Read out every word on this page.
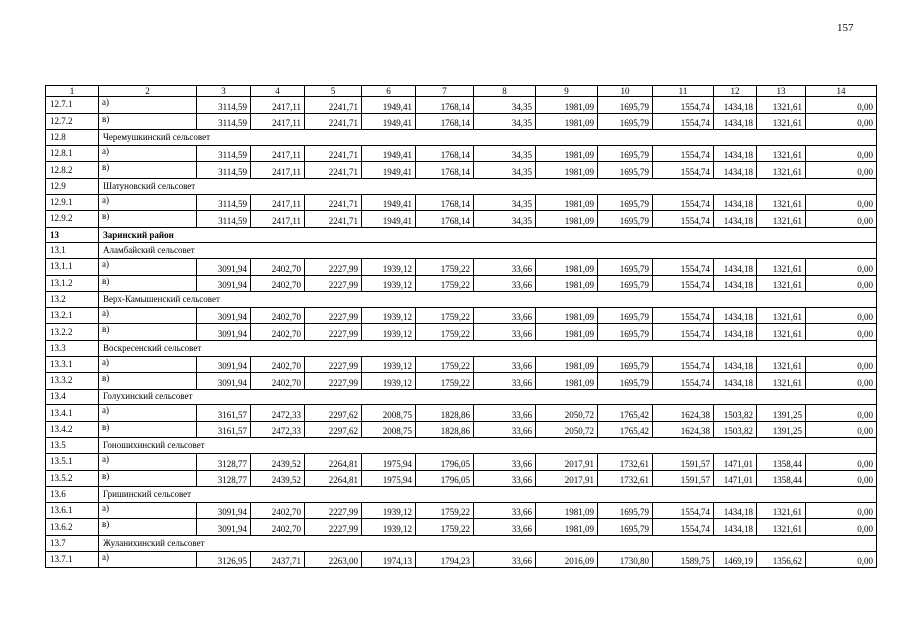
157
1	2	3	4	5	6	7	8	9	10	11	12	13	14
12.7.1	а)	3114,59	2417,11	2241,71	1949,41	1768,14	34,35	1981,09	1695,79	1554,74	1434,18	1321,61	0,00
12.7.2	в)	3114,59	2417,11	2241,71	1949,41	1768,14	34,35	1981,09	1695,79	1554,74	1434,18	1321,61	0,00
12.8	Черемушкинский сельсовет												
12.8.1	а)	3114,59	2417,11	2241,71	1949,41	1768,14	34,35	1981,09	1695,79	1554,74	1434,18	1321,61	0,00
12.8.2	в)	3114,59	2417,11	2241,71	1949,41	1768,14	34,35	1981,09	1695,79	1554,74	1434,18	1321,61	0,00
12.9	Шатуновский сельсовет												
12.9.1	а)	3114,59	2417,11	2241,71	1949,41	1768,14	34,35	1981,09	1695,79	1554,74	1434,18	1321,61	0,00
12.9.2	в)	3114,59	2417,11	2241,71	1949,41	1768,14	34,35	1981,09	1695,79	1554,74	1434,18	1321,61	0,00
13	Заринский район												
13.1	Аламбайский сельсовет												
13.1.1	а)	3091,94	2402,70	2227,99	1939,12	1759,22	33,66	1981,09	1695,79	1554,74	1434,18	1321,61	0,00
13.1.2	в)	3091,94	2402,70	2227,99	1939,12	1759,22	33,66	1981,09	1695,79	1554,74	1434,18	1321,61	0,00
13.2	Верх-Камышенский сельсовет												
13.2.1	а)	3091,94	2402,70	2227,99	1939,12	1759,22	33,66	1981,09	1695,79	1554,74	1434,18	1321,61	0,00
13.2.2	в)	3091,94	2402,70	2227,99	1939,12	1759,22	33,66	1981,09	1695,79	1554,74	1434,18	1321,61	0,00
13.3	Воскресенский сельсовет												
13.3.1	а)	3091,94	2402,70	2227,99	1939,12	1759,22	33,66	1981,09	1695,79	1554,74	1434,18	1321,61	0,00
13.3.2	в)	3091,94	2402,70	2227,99	1939,12	1759,22	33,66	1981,09	1695,79	1554,74	1434,18	1321,61	0,00
13.4	Голухинский сельсовет												
13.4.1	а)	3161,57	2472,33	2297,62	2008,75	1828,86	33,66	2050,72	1765,42	1624,38	1503,82	1391,25	0,00
13.4.2	в)	3161,57	2472,33	2297,62	2008,75	1828,86	33,66	2050,72	1765,42	1624,38	1503,82	1391,25	0,00
13.5	Гоношихинский сельсовет												
13.5.1	а)	3128,77	2439,52	2264,81	1975,94	1796,05	33,66	2017,91	1732,61	1591,57	1471,01	1358,44	0,00
13.5.2	в)	3128,77	2439,52	2264,81	1975,94	1796,05	33,66	2017,91	1732,61	1591,57	1471,01	1358,44	0,00
13.6	Гришинский сельсовет												
13.6.1	а)	3091,94	2402,70	2227,99	1939,12	1759,22	33,66	1981,09	1695,79	1554,74	1434,18	1321,61	0,00
13.6.2	в)	3091,94	2402,70	2227,99	1939,12	1759,22	33,66	1981,09	1695,79	1554,74	1434,18	1321,61	0,00
13.7	Жуланихинский сельсовет												
13.7.1	а)	3126,95	2437,71	2263,00	1974,13	1794,23	33,66	2016,09	1730,80	1589,75	1469,19	1356,62	0,00
